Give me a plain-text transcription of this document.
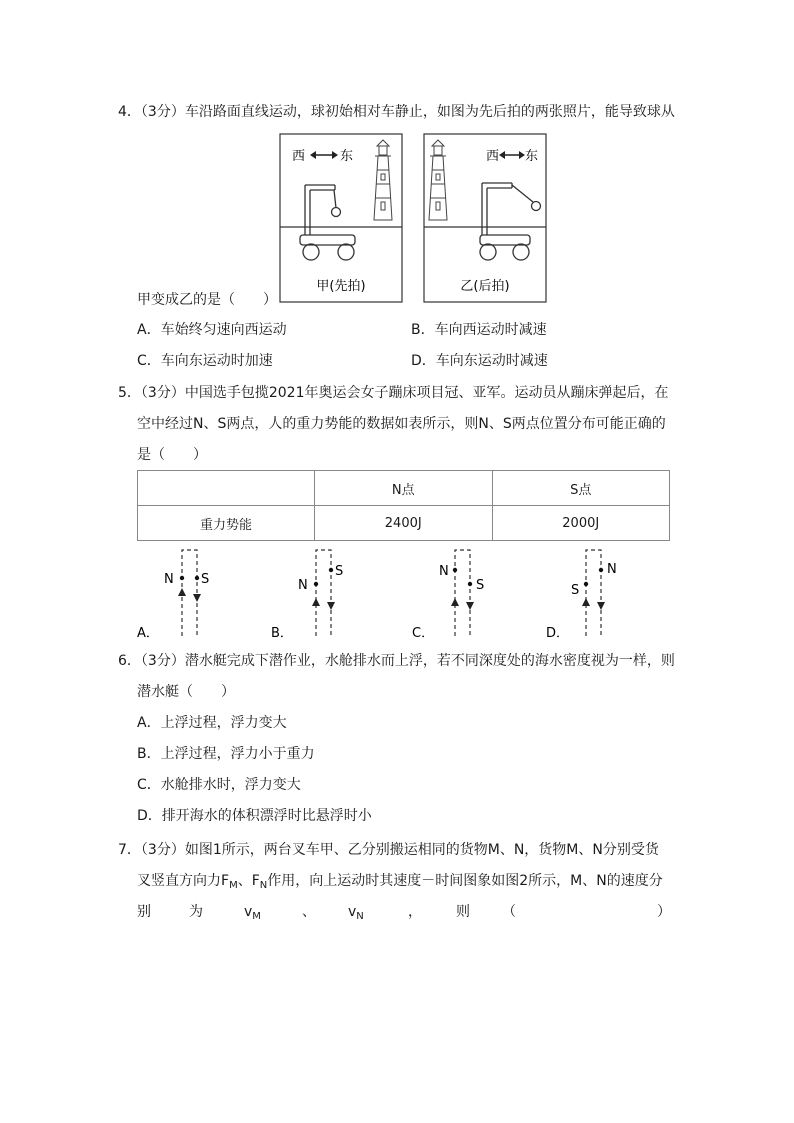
4．（3分）车沿路面直线运动，球初始相对车静止，如图为先后拍的两张照片，能导致球从
西	东
甲(先拍)
西 东
乙(后拍)
甲变成乙的是（　　）
A．车始终匀速向西运动	B．车向西运动时减速
C．车向东运动时加速	D．车向东运动时减速
5．（3分）中国选手包揽2021年奥运会女子蹦床项目冠、亚军。运动员从蹦床弹起后，在
空中经过N、S两点，人的重力势能的数据如表所示，则N、S两点位置分布可能正确的
是（　　）
	N点	S点
重力势能	2400J	2000J
N S
A．
N
S
B．
N
S
C．
S
N
D．
6．（3分）潜水艇完成下潜作业，水舱排水而上浮，若不同深度处的海水密度视为一样，则
潜水艇（　　）
A．上浮过程，浮力变大
B．上浮过程，浮力小于重力
C．水舱排水时，浮力变大
D．排开海水的体积漂浮时比悬浮时小
7．（3分）如图1所示，两台叉车甲、乙分别搬运相同的货物M、N，货物M、N分别受货
叉竖直方向力$F_M$、$F_N$作用，向上运动时其速度－时间图象如图2所示，M、N的速度分
别	为	$v_M$	、 $v_N$	， 则 （	）
